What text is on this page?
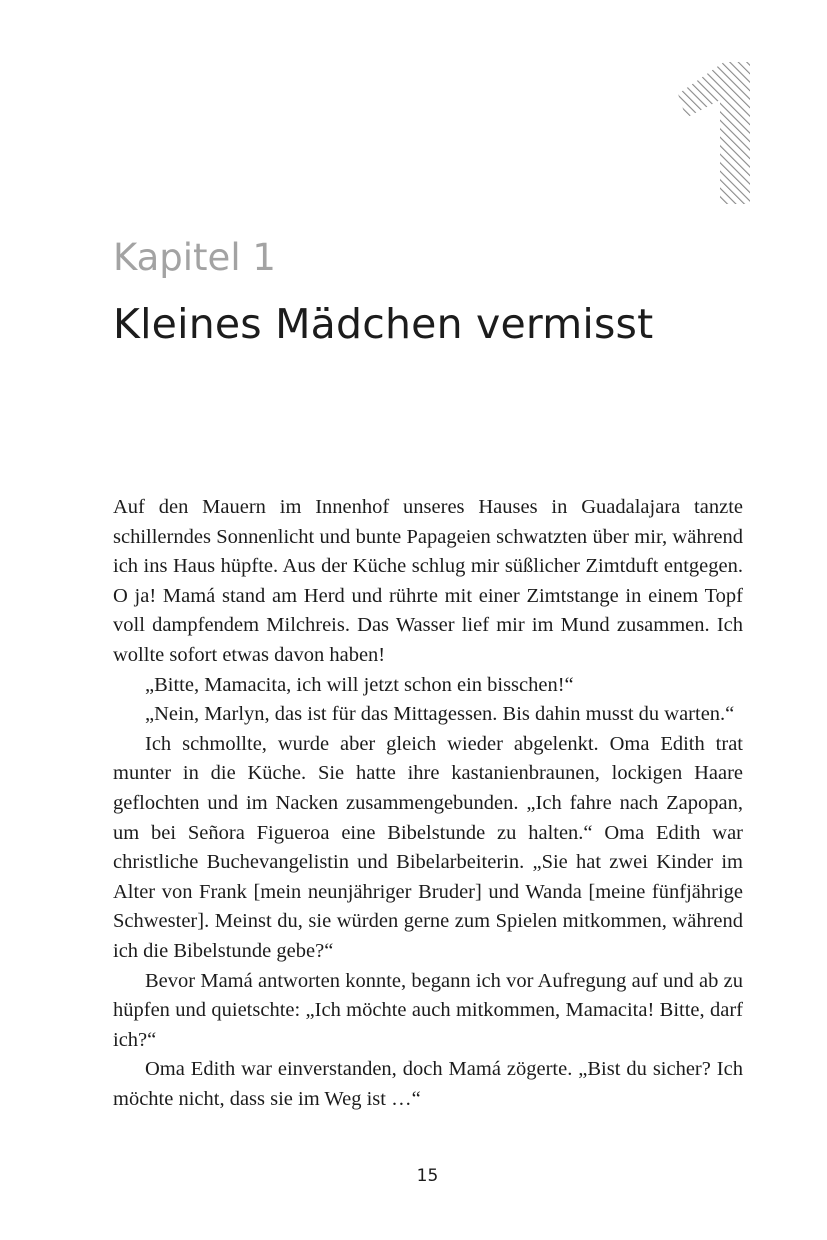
Kapitel 1
Kleines Mädchen vermisst

Auf den Mauern im Innenhof unseres Hauses in Guadalajara tanzte schillerndes Sonnenlicht und bunte Papageien schwatzten über mir, während ich ins Haus hüpfte. Aus der Küche schlug mir süßlicher Zimtduft entgegen. O ja! Mamá stand am Herd und rührte mit einer Zimtstange in einem Topf voll dampfendem Milchreis. Das Wasser lief mir im Mund zusammen. Ich wollte sofort etwas davon haben!

„Bitte, Mamacita, ich will jetzt schon ein bisschen!“

„Nein, Marlyn, das ist für das Mittagessen. Bis dahin musst du warten.“

Ich schmollte, wurde aber gleich wieder abgelenkt. Oma Edith trat munter in die Küche. Sie hatte ihre kastanienbraunen, lockigen Haare geflochten und im Nacken zusammengebunden. „Ich fahre nach Zapopan, um bei Señora Figueroa eine Bibelstunde zu halten.“ Oma Edith war christliche Buchevangelistin und Bibelarbeiterin. „Sie hat zwei Kinder im Alter von Frank [mein neunjähriger Bruder] und Wanda [meine fünfjährige Schwester]. Meinst du, sie würden gerne zum Spielen mitkommen, während ich die Bibelstunde gebe?“

Bevor Mamá antworten konnte, begann ich vor Aufregung auf und ab zu hüpfen und quietschte: „Ich möchte auch mitkommen, Mamacita! Bitte, darf ich?“

Oma Edith war einverstanden, doch Mamá zögerte. „Bist du sicher? Ich möchte nicht, dass sie im Weg ist …“

15
